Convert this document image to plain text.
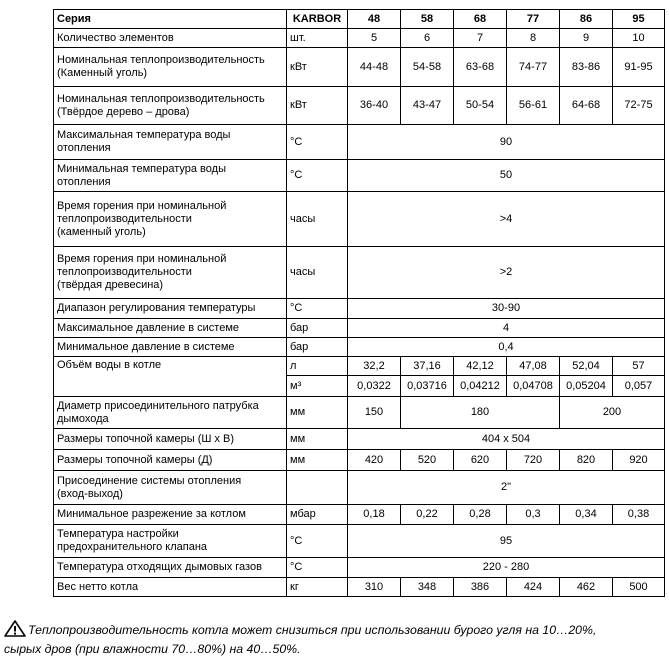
Серия	KARBOR	48	58	68	77	86	95
Количество элементов	шт.	5	6	7	8	9	10

Номинальная теплопроизводительность
(Каменный уголь)	кВт	44-48	54-58	63-68	74-77	83-86	91-95

Номинальная теплопроизводительность
(Твёрдое дерево – дрова)	кВт	36-40	43-47	50-54	56-61	64-68	72-75

Максимальная температура воды
отопления	°С	90					

Минимальная температура воды
отопления	°С	50					

Время горения при номинальной
теплопроизводительности
(каменный уголь)	часы	>4					

Время горения при номинальной
теплопроизводительности
(твёрдая древесина)	часы	>2					
Диапазон регулирования температуры	°С	30-90					
Максимальное давление в системе	бар	4					
Минимальное давление в системе	бар	0,4					
Объём воды в котле	л	32,2	37,16	42,12	47,08	52,04	57
	м³	0,0322	0,03716	0,04212	0,04708	0,05204	0,057

Диаметр присоединительного патрубка
дымохода	мм	150	180			200	
Размеры топочной камеры (Ш х В)	мм	404 x 504					
Размеры топочной камеры (Д)	мм	420	520	620	720	820	920

Присоединение системы отопления
(вход-выход)		2"					
Минимальное разрежение за котлом	мбар	0,18	0,22	0,28	0,3	0,34	0,38

Температура настройки
предохранительного клапана	°С	95					
Температура отходящих дымовых газов	°С	220 - 280					
Вес нетто котла	кг	310	348	386	424	462	500
Теплопроизводительность котла может снизиться при использовании бурого угля на 10…20%,
сырых дров (при влажности 70…80%) на 40…50%.
